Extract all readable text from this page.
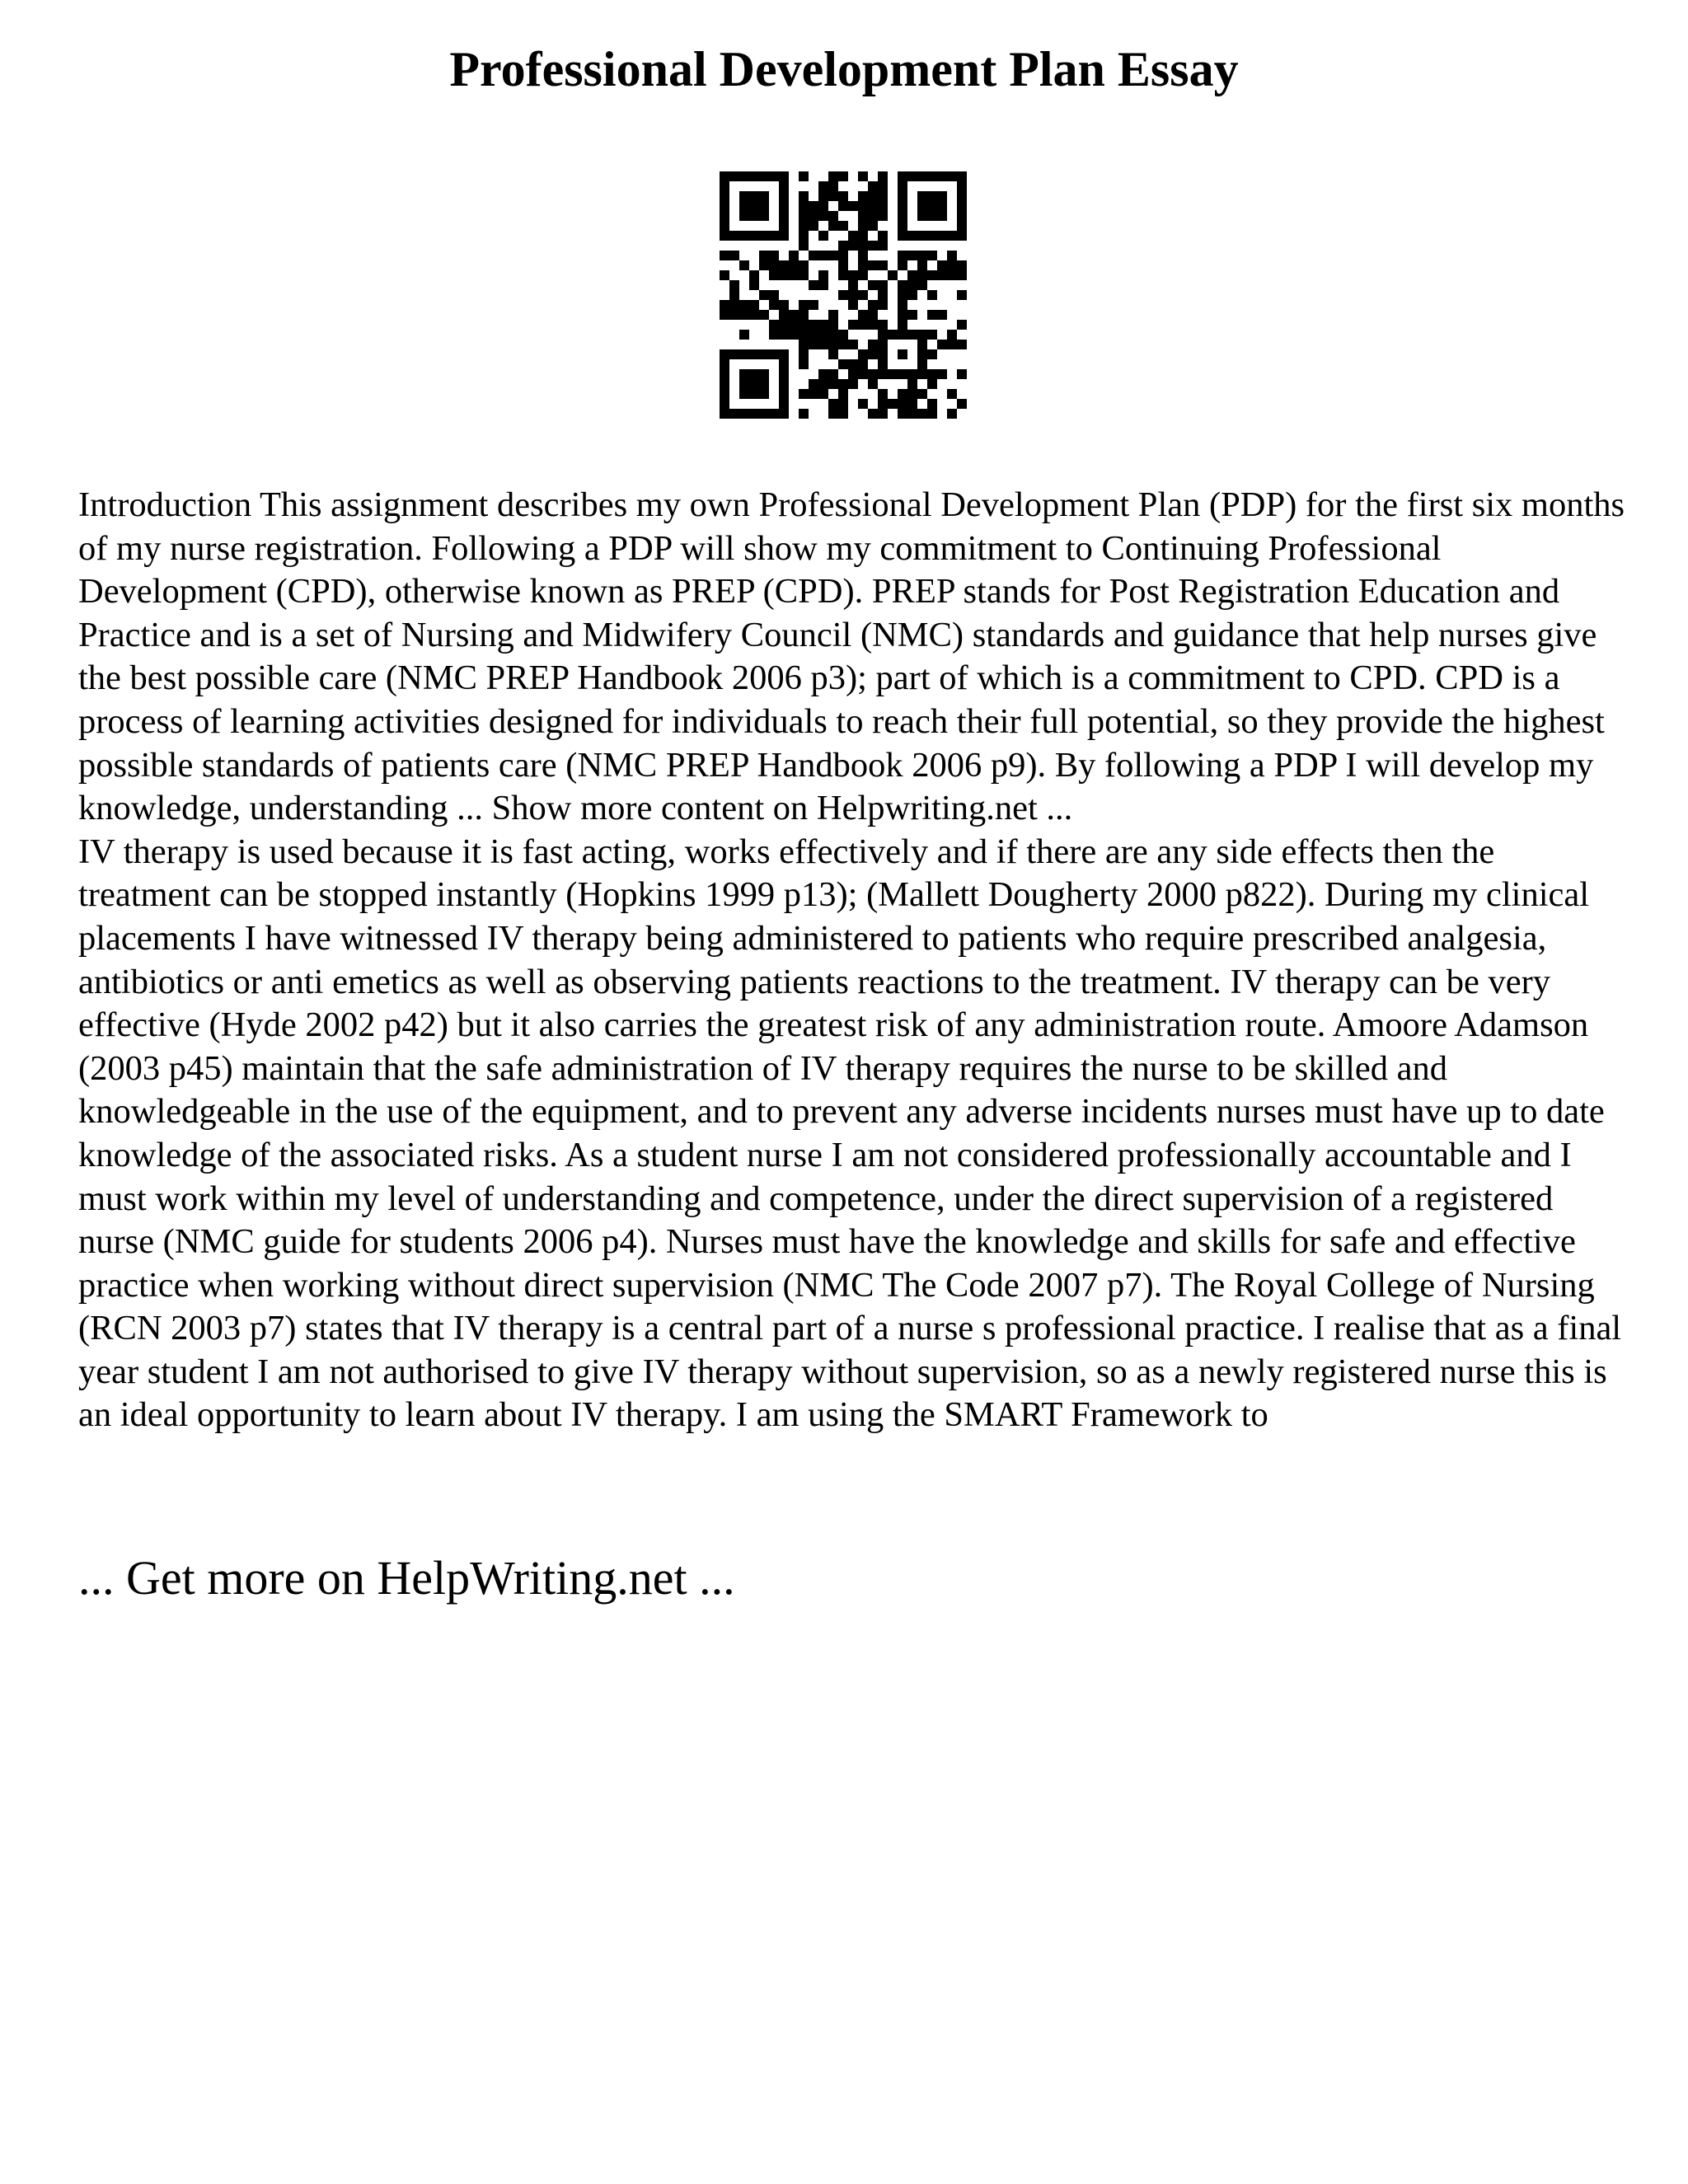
Professional Development Plan Essay

Introduction This assignment describes my own Professional Development Plan (PDP) for the first six months of my nurse registration. Following a PDP will show my commitment to Continuing Professional Development (CPD), otherwise known as PREP (CPD). PREP stands for Post Registration Education and Practice and is a set of Nursing and Midwifery Council (NMC) standards and guidance that help nurses give the best possible care (NMC PREP Handbook 2006 p3); part of which is a commitment to CPD. CPD is a process of learning activities designed for individuals to reach their full potential, so they provide the highest possible standards of patients care (NMC PREP Handbook 2006 p9). By following a PDP I will develop my knowledge, understanding ... Show more content on Helpwriting.net ...

IV therapy is used because it is fast acting, works effectively and if there are any side effects then the treatment can be stopped instantly (Hopkins 1999 p13); (Mallett Dougherty 2000 p822). During my clinical placements I have witnessed IV therapy being administered to patients who require prescribed analgesia, antibiotics or anti emetics as well as observing patients reactions to the treatment. IV therapy can be very effective (Hyde 2002 p42) but it also carries the greatest risk of any administration route. Amoore Adamson (2003 p45) maintain that the safe administration of IV therapy requires the nurse to be skilled and knowledgeable in the use of the equipment, and to prevent any adverse incidents nurses must have up to date knowledge of the associated risks. As a student nurse I am not considered professionally accountable and I must work within my level of understanding and competence, under the direct supervision of a registered nurse (NMC guide for students 2006 p4). Nurses must have the knowledge and skills for safe and effective practice when working without direct supervision (NMC The Code 2007 p7). The Royal College of Nursing (RCN 2003 p7) states that IV therapy is a central part of a nurse s professional practice. I realise that as a final year student I am not authorised to give IV therapy without supervision, so as a newly registered nurse this is an ideal opportunity to learn about IV therapy. I am using the SMART Framework to

... Get more on HelpWriting.net ...
